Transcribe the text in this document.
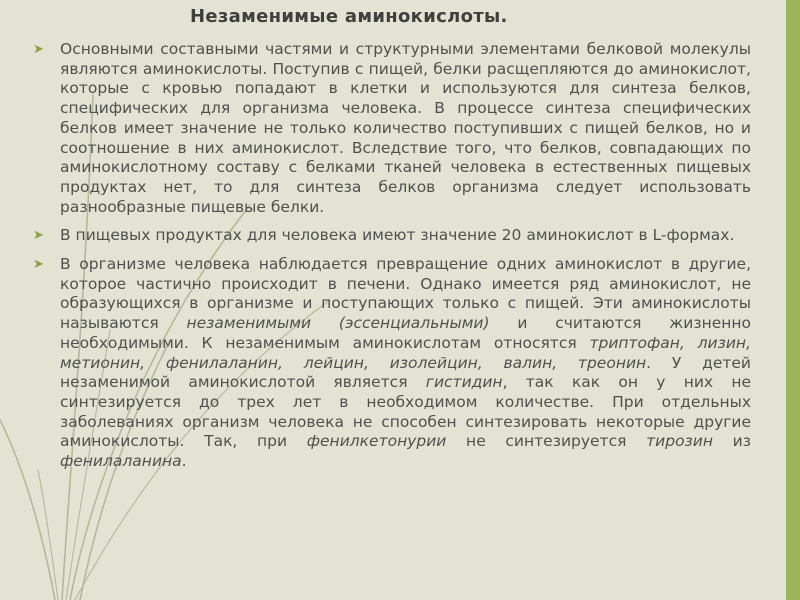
Незаменимые аминокислоты.
➤ Основными составными частями и структурными элементами белковой молекулы являются аминокислоты. Поступив с пищей, белки расщепляются до аминокислот, которые с кровью попадают в клетки и используются для синтеза белков, специфических для организма человека. В процессе синтеза специфических белков имеет значение не только количество поступивших с пищей белков, но и соотношение в них аминокислот. Вследствие того, что белков, совпадающих по аминокислотному составу с белками тканей человека в естественных пищевых продуктах нет, то для синтеза белков организма следует использовать разнообразные пищевые белки.
➤ В пищевых продуктах для человека имеют значение 20 аминокислот в L-формах.
➤ В организме человека наблюдается превращение одних аминокислот в другие, которое частично происходит в печени. Однако имеется ряд аминокислот, не образующихся в организме и поступающих только с пищей. Эти аминокислоты называются незаменимыми (эссенциальными) и считаются жизненно необходимыми. К незаменимым аминокислотам относятся триптофан, лизин, метионин, фенилаланин, лейцин, изолейцин, валин, треонин. У детей незаменимой аминокислотой является гистидин, так как он у них не синтезируется до трех лет в необходимом количестве. При отдельных заболеваниях организм человека не способен синтезировать некоторые другие аминокислоты. Так, при фенилкетонурии не синтезируется тирозин из фенилаланина.
